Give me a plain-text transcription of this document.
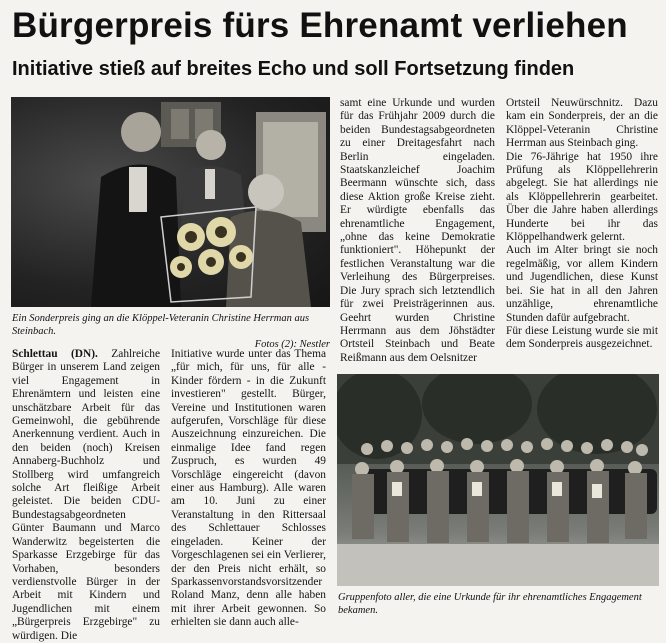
Bürgerpreis fürs Ehrenamt verliehen
Initiative stieß auf breites Echo und soll Fortsetzung finden
Ein Sonderpreis ging an die Klöppel-Veteranin Christine Herrman aus Steinbach.
Fotos (2): Nestler

Schlettau (DN). Zahlreiche Bürger in unserem Land zeigen viel Engagement in Ehrenämtern und leisten eine unschätzbare Arbeit für das Gemeinwohl, die gebührende Anerkennung verdient. Auch in den beiden (noch) Kreisen Annaberg-Buchholz und Stollberg wird umfangreich solche Art fleißige Arbeit geleistet. Die beiden CDU-Bundestagsabgeordneten Günter Baumann und Marco Wanderwitz begeisterten die Sparkasse Erzgebirge für das Vorhaben, besonders verdienstvolle Bürger in der Arbeit mit Kindern und Jugendlichen mit einem „Bürgerpreis Erzgebirge" zu würdigen. Die

Initiative wurde unter das Thema „für mich, für uns, für alle - Kinder fördern - in die Zukunft investieren" gestellt. Bürger, Vereine und Institutionen waren aufgerufen, Vorschläge für diese Auszeichnung einzureichen. Die einmalige Idee fand regen Zuspruch, es wurden 49 Vorschläge eingereicht (davon einer aus Hamburg). Alle waren am 10. Juni zu einer Veranstaltung in den Rittersaal des Schlettauer Schlosses eingeladen. Keiner der Vorgeschlagenen sei ein Verlierer, der den Preis nicht erhält, so Sparkassenvorstandsvorsitzender Roland Manz, denn alle haben mit ihrer Arbeit gewonnen. So erhielten sie dann auch alle-

samt eine Urkunde und wurden für das Frühjahr 2009 durch die beiden Bundestagsabgeordneten zu einer Dreitagesfahrt nach Berlin eingeladen. Staatskanzleichef Joachim Beermann wünschte sich, dass diese Aktion große Kreise zieht. Er würdigte ebenfalls das ehrenamtliche Engagement, „ohne das keine Demokratie funktioniert". Höhepunkt der festlichen Veranstaltung war die Verleihung des Bürgerpreises. Die Jury sprach sich letztendlich für zwei Preisträgerinnen aus. Geehrt wurden Christine Herrmann aus dem Jöhstädter Ortsteil Steinbach und Beate Reißmann aus dem Oelsnitzer

Ortsteil Neuwürschnitz. Dazu kam ein Sonderpreis, der an die Klöppel-Veteranin Christine Herrman aus Steinbach ging.

Die 76-Jährige hat 1950 ihre Prüfung als Klöppellehrerin abgelegt. Sie hat allerdings nie als Klöppellehrerin gearbeitet. Über die Jahre haben allerdings Hunderte bei ihr das Klöppelhandwerk gelernt.

Auch im Alter bringt sie noch regelmäßig, vor allem Kindern und Jugendlichen, diese Kunst bei. Sie hat in all den Jahren unzählige, ehrenamtliche Stunden dafür aufgebracht.

Für diese Leistung wurde sie mit dem Sonderpreis ausgezeichnet.

Gruppenfoto aller, die eine Urkunde für ihr ehrenamtliches Engagement bekamen.
